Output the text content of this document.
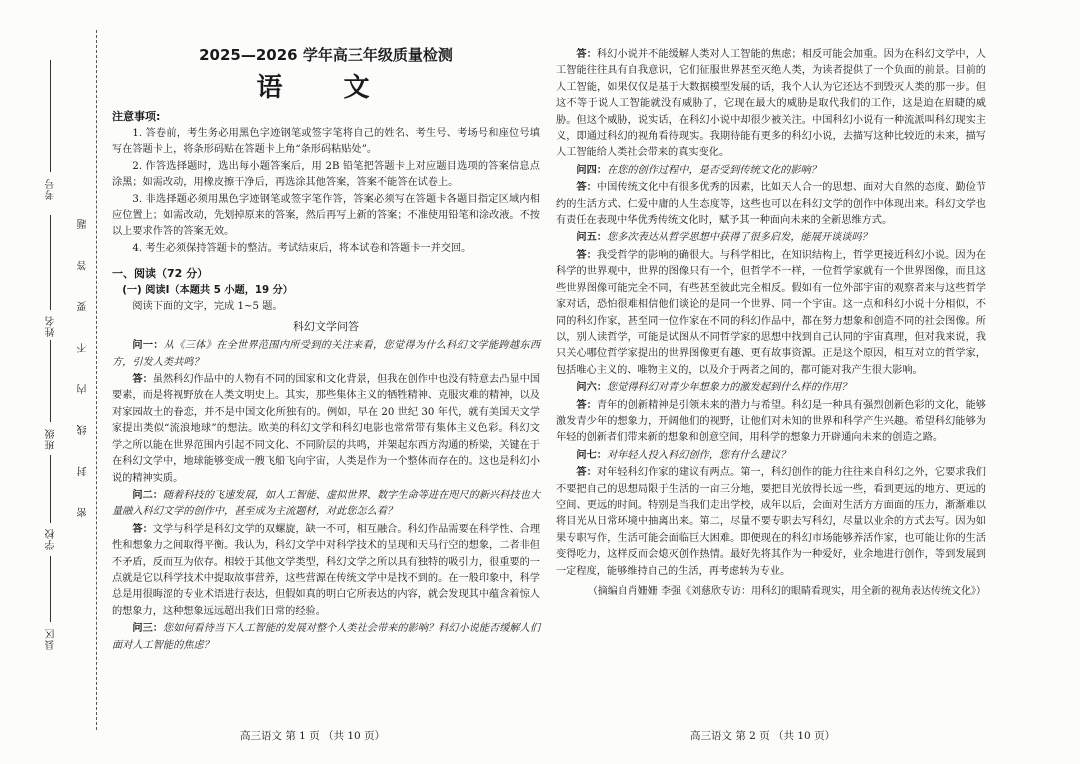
考号
姓名
班级
学校
县区
密 封 线 内 不 要 答 题
2025—2026 学年高三年级质量检测
语 文
注意事项:

1. 答卷前，考生务必用黑色字迹钢笔或签字笔将自己的姓名、考生号、考场号和座位号填写在答题卡上，将条形码贴在答题卡上角“条形码粘贴处”。

2. 作答选择题时，选出每小题答案后，用 2B 铅笔把答题卡上对应题目选项的答案信息点涂黑；如需改动，用橡皮擦干净后，再选涂其他答案，答案不能答在试卷上。

3. 非选择题必须用黑色字迹钢笔或签字笔作答，答案必须写在答题卡各题目指定区域内相应位置上；如需改动，先划掉原来的答案，然后再写上新的答案；不准使用铅笔和涂改液。不按以上要求作答的答案无效。

4. 考生必须保持答题卡的整洁。考试结束后，将本试卷和答题卡一并交回。

一、阅读（72 分）
(一) 阅读Ⅰ（本题共 5 小题，19 分）
阅读下面的文字，完成 1~5 题。
科幻文学问答

问一：从《三体》在全世界范围内所受到的关注来看，您觉得为什么科幻文学能跨越东西方，引发人类共鸣？

答：虽然科幻作品中的人物有不同的国家和文化背景，但我在创作中也没有特意去凸显中国要素，而是将视野放在人类文明史上。其实，那些集体主义的牺牲精神、克服灾难的精神，以及对家园故土的眷恋，并不是中国文化所独有的。例如，早在 20 世纪 30 年代，就有美国天文学家提出类似“流浪地球”的想法。欧美的科幻文学和科幻电影也常常带有集体主义色彩。科幻文学之所以能在世界范围内引起不同文化、不同阶层的共鸣，并架起东西方沟通的桥梁，关键在于在科幻文学中，地球能够变成一艘飞船飞向宇宙，人类是作为一个整体而存在的。这也是科幻小说的精神实质。

问二：随着科技的飞速发展，如人工智能、虚拟世界、数字生命等进在咫尺的新兴科技也大量融入科幻文学的创作中，甚至成为主流题材，对此您怎么看？

答：文学与科学是科幻文学的双螺旋，缺一不可，相互融合。科幻作品需要在科学性、合理性和想象力之间取得平衡。我认为，科幻文学中对科学技术的呈现和天马行空的想象，二者非但不矛盾，反而互为依存。相较于其他文学类型，科幻文学之所以具有独特的吸引力，很重要的一点就是它以科学技术中提取故事营养，这些营源在传统文学中是找不到的。在一般印象中，科学总是用很晦涩的专业术语进行表达，但假如真的明白它所表达的内容，就会发现其中蕴含着惊人的想象力，这种想象远远超出我们日常的经验。

问三：您如何看待当下人工智能的发展对整个人类社会带来的影响？科幻小说能否缓解人们面对人工智能的焦虑？

高三语文 第 1 页 （共 10 页）

答：科幻小说并不能缓解人类对人工智能的焦虑；相反可能会加重。因为在科幻文学中，人工智能往往具有自我意识，它们征服世界甚至灭绝人类，为读者提供了一个负面的前景。目前的人工智能，如果仅仅是基于大数据模型发展的话，我个人认为它还达不到毁灭人类的那一步。但这不等于说人工智能就没有威胁了，它现在最大的威胁是取代我们的工作，这是迫在眉睫的威胁。但这个威胁，说实话，在科幻小说中却很少被关注。中国科幻小说有一种流派叫科幻现实主义，即通过科幻的视角看待现实。我期待能有更多的科幻小说，去描写这种比较近的未来，描写人工智能给人类社会带来的真实变化。

问四：在您的创作过程中，是否受到传统文化的影响？

答：中国传统文化中有很多优秀的因素，比如天人合一的思想、面对大自然的态度、勤俭节约的生活方式、仁爱中庸的人生态度等，这些也可以在科幻文学的创作中体现出来。科幻文学也有责任在表现中华优秀传统文化时，赋予其一种面向未来的全新思维方式。

问五：您多次表达从哲学思想中获得了很多启发，能展开谈谈吗？

答：我受哲学的影响的确很大。与科学相比，在知识结构上，哲学更接近科幻小说。因为在科学的世界观中，世界的图像只有一个，但哲学不一样，一位哲学家就有一个世界图像，而且这些世界图像可能完全不同，有些甚至彼此完全相反。假如有一位外部宇宙的观察者来与这些哲学家对话，恐怕很难相信他们谈论的是同一个世界、同一个宇宙。这一点和科幻小说十分相似，不同的科幻作家，甚至同一位作家在不同的科幻作品中，都在努力想象和创造不同的社会图像。所以，别人读哲学，可能是试图从不同哲学家的思想中找到自己认同的宇宙真理，但对我来说，我只关心哪位哲学家提出的世界图像更有趣、更有故事资源。正是这个原因，相互对立的哲学家，包括唯心主义的、唯物主义的，以及介于两者之间的，都可能对我产生很大影响。

问六：您觉得科幻对青少年想象力的激发起到什么样的作用？

答：青年的创新精神是引领未来的潜力与希望。科幻是一种具有强烈创新色彩的文化，能够激发青少年的想象力，开阔他们的视野，让他们对未知的世界和科学产生兴趣。希望科幻能够为年轻的创新者们带来新的想象和创意空间，用科学的想象力开辟通向未来的创造之路。

问七：对年轻人投入科幻创作，您有什么建议？

答：对年轻科幻作家的建议有两点。第一，科幻创作的能力往往来自科幻之外，它要求我们不要把自己的思想局限于生活的一亩三分地，要把目光放得长远一些，看到更远的地方、更远的空间、更远的时间。特别是当我们走出学校，成年以后，会面对生活方方面面的压力，渐渐难以将目光从日常环境中抽离出来。第二，尽量不要专职去写科幻，尽量以业余的方式去写。因为如果专职写作，生活可能会面临巨大困难。即便现在的科幻市场能够养活作家，也可能让你的生活变得吃力，这样反而会熄灭创作热情。最好先将其作为一种爱好，业余地进行创作，等到发展到一定程度，能够维持自己的生活，再考虑转为专业。

（摘编自肖姗姗 李强《刘慈欣专访：用科幻的眼睛看现实，用全新的视角表达传统文化》）
高三语文 第 2 页 （共 10 页）
